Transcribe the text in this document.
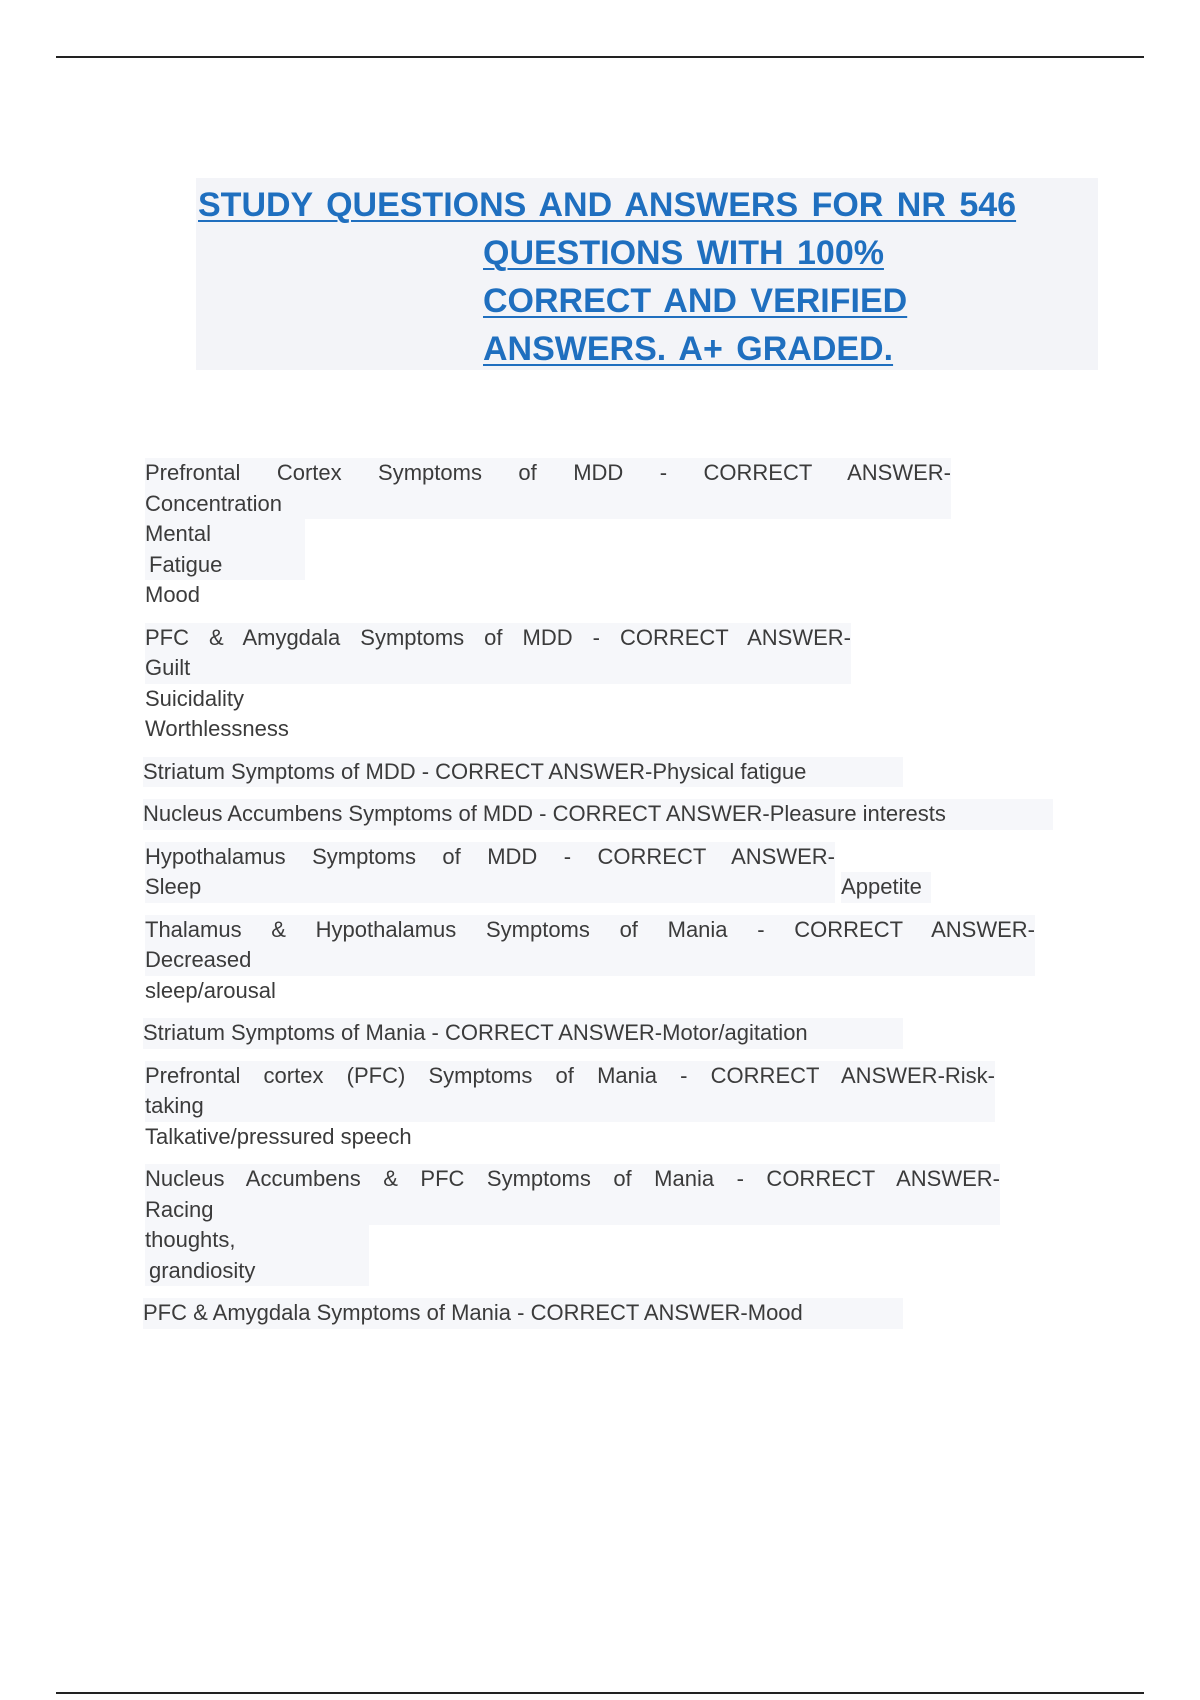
STUDY QUESTIONS AND ANSWERS FOR NR 546
QUESTIONS WITH 100%
CORRECT AND VERIFIED
ANSWERS. A+ GRADED.
Prefrontal Cortex Symptoms of MDD - CORRECT ANSWER-
Concentration
Mental
Fatigue
Mood
PFC & Amygdala Symptoms of MDD - CORRECT ANSWER-
Guilt
Suicidality
Worthlessness
Striatum Symptoms of MDD - CORRECT ANSWER-Physical fatigue
Nucleus Accumbens Symptoms of MDD - CORRECT ANSWER-Pleasure interests
Hypothalamus Symptoms of MDD - CORRECT ANSWER-
Sleep	Appetite
Thalamus & Hypothalamus Symptoms of Mania - CORRECT ANSWER-
Decreased
sleep/arousal
Striatum Symptoms of Mania - CORRECT ANSWER-Motor/agitation
Prefrontal cortex (PFC) Symptoms of Mania - CORRECT ANSWER-Risk-
taking
Talkative/pressured speech
Nucleus Accumbens & PFC Symptoms of Mania - CORRECT ANSWER-
Racing
thoughts,
grandiosity
PFC & Amygdala Symptoms of Mania - CORRECT ANSWER-Mood
